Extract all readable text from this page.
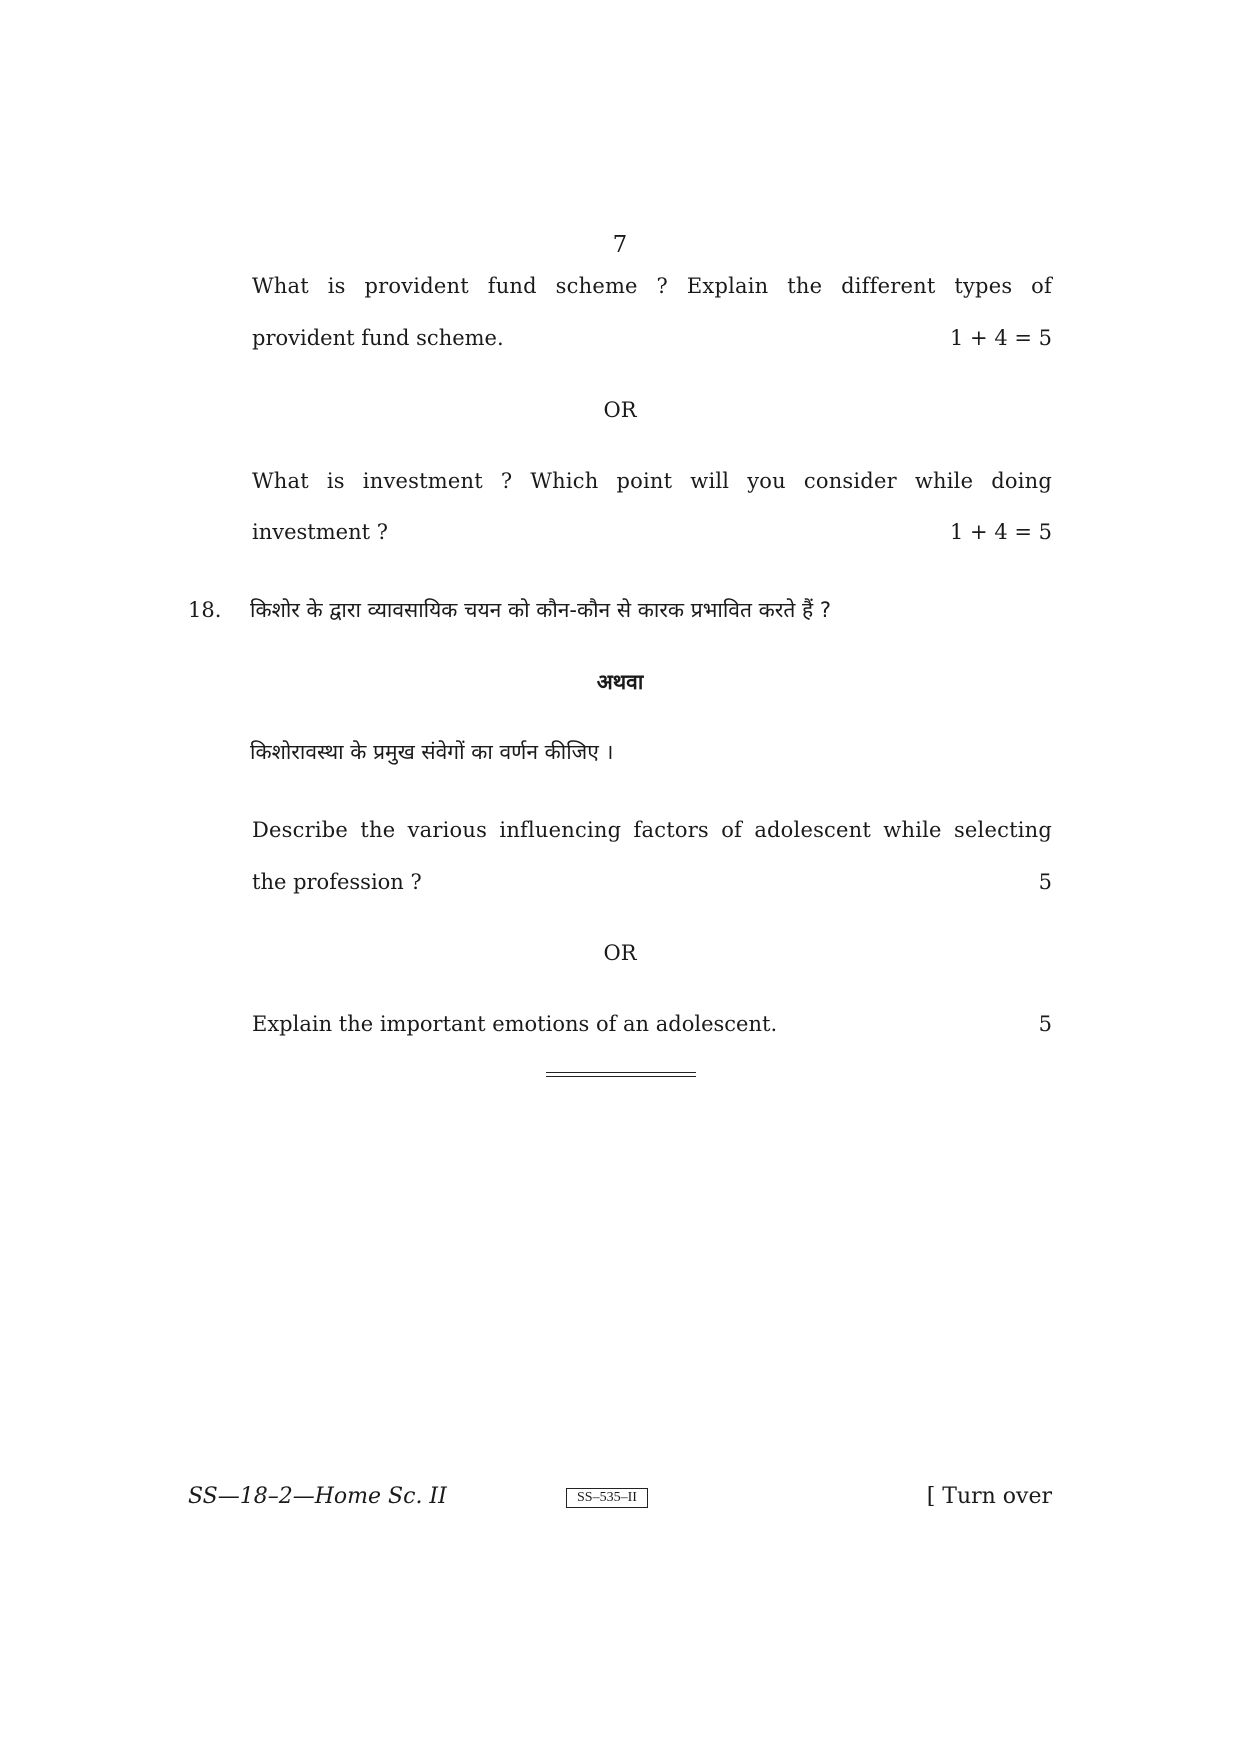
7
What is provident fund scheme ? Explain the different types of
provident fund scheme.	1 + 4 = 5
OR
What is investment ? Which point will you consider while doing
investment ?	1 + 4 = 5
18. किशोर के द्वारा व्यावसायिक चयन को कौन-कौन से कारक प्रभावित करते हैं ?
अथवा
किशोरावस्था के प्रमुख संवेगों का वर्णन कीजिए ।
Describe the various influencing factors of adolescent while selecting
the profession ?	5
OR
Explain the important emotions of an adolescent.	5
SS—18–2—Home Sc. II	SS–535–II	[ Turn over
